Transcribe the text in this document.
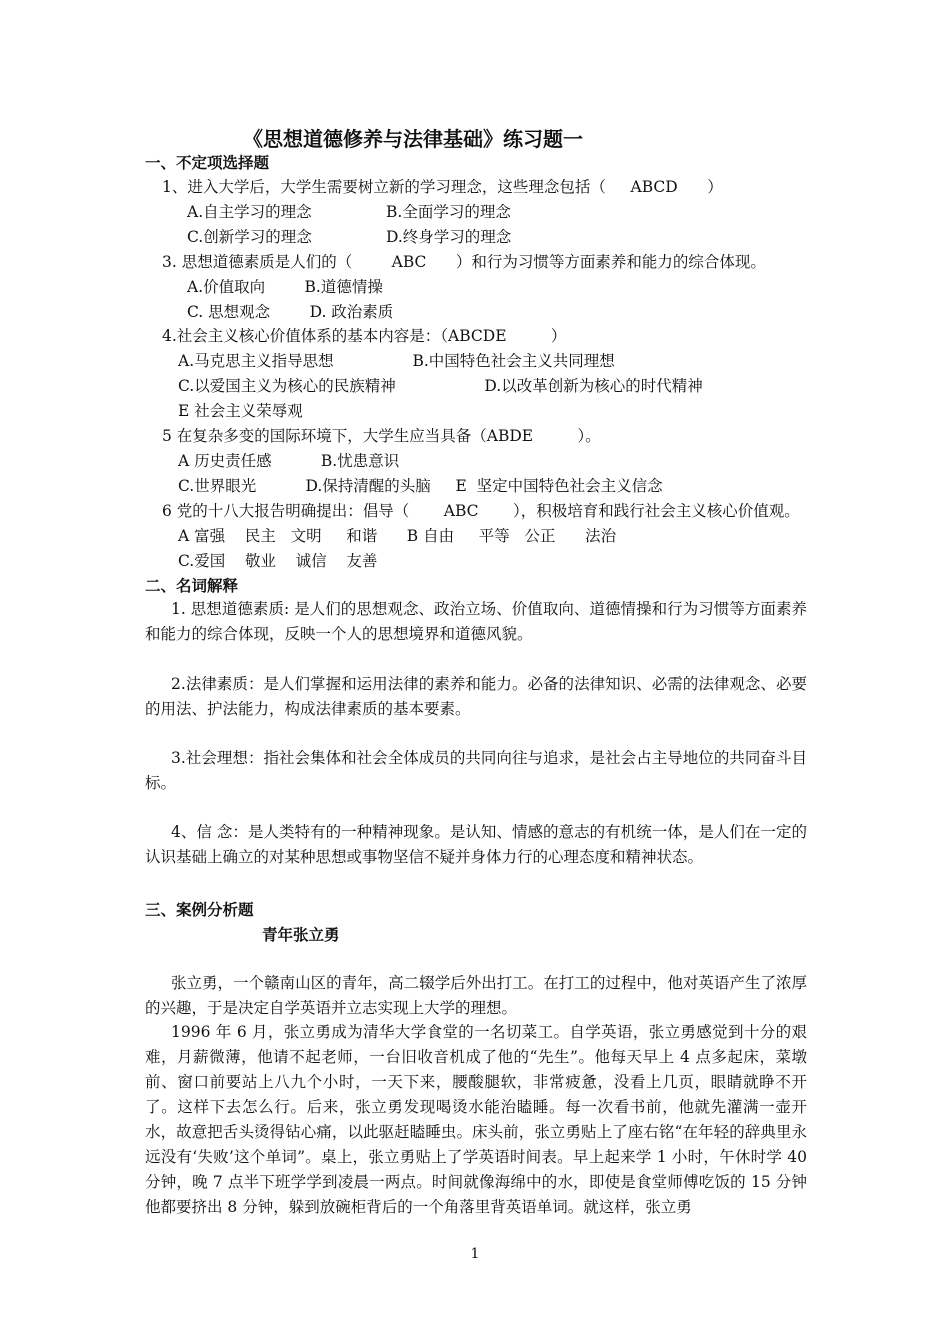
《思想道德修养与法律基础》练习题一
一、不定项选择题
1、进入大学后，大学生需要树立新的学习理念，这些理念包括（     ABCD      ）
A.自主学习的理念	B.全面学习的理念
C.创新学习的理念	D.终身学习的理念
3. 思想道德素质是人们的（        ABC      ）和行为习惯等方面素养和能力的综合体现。
A.价值取向        B.道德情操
C. 思想观念        D. 政治素质
4.社会主义核心价值体系的基本内容是：（ABCDE         ）
A.马克思主义指导思想                B.中国特色社会主义共同理想
C.以爱国主义为核心的民族精神                  D.以改革创新为核心的时代精神
E 社会主义荣辱观
5 在复杂多变的国际环境下，大学生应当具备（ABDE         ）。
A 历史责任感          B.忧患意识
C.世界眼光          D.保持清醒的头脑     E  坚定中国特色社会主义信念
6 党的十八大报告明确提出：倡导（       ABC       ），积极培育和践行社会主义核心价值观。
A 富强    民主   文明     和谐      B 自由     平等   公正      法治
C.爱国    敬业    诚信    友善
二、名词解释
1. 思想道德素质: 是人们的思想观念、政治立场、价值取向、道德情操和行为习惯等方面素养和能力的综合体现，反映一个人的思想境界和道德风貌。
2.法律素质：是人们掌握和运用法律的素养和能力。必备的法律知识、必需的法律观念、必要的用法、护法能力，构成法律素质的基本要素。
3.社会理想：指社会集体和社会全体成员的共同向往与追求，是社会占主导地位的共同奋斗目标。
4、信 念：是人类特有的一种精神现象。是认知、情感的意志的有机统一体，是人们在一定的认识基础上确立的对某种思想或事物坚信不疑并身体力行的心理态度和精神状态。
三、案例分析题
青年张立勇
张立勇，一个赣南山区的青年，高二辍学后外出打工。在打工的过程中，他对英语产生了浓厚的兴趣，于是决定自学英语并立志实现上大学的理想。
1996 年 6 月，张立勇成为清华大学食堂的一名切菜工。自学英语，张立勇感觉到十分的艰难，月薪微薄，他请不起老师，一台旧收音机成了他的“先生”。他每天早上 4 点多起床，菜墩前、窗口前要站上八九个小时，一天下来，腰酸腿软，非常疲惫，没看上几页，眼睛就睁不开了。这样下去怎么行。后来，张立勇发现喝烫水能治瞌睡。每一次看书前，他就先灌满一壶开水，故意把舌头烫得钻心痛，以此驱赶瞌睡虫。床头前，张立勇贴上了座右铭“在年轻的辞典里永远没有‘失败’这个单词”。桌上，张立勇贴上了学英语时间表。早上起来学 1 小时，午休时学 40 分钟，晚 7 点半下班学学到凌晨一两点。时间就像海绵中的水，即使是食堂师傅吃饭的 15 分钟他都要挤出 8 分钟，躲到放碗柜背后的一个角落里背英语单词。就这样，张立勇
1
